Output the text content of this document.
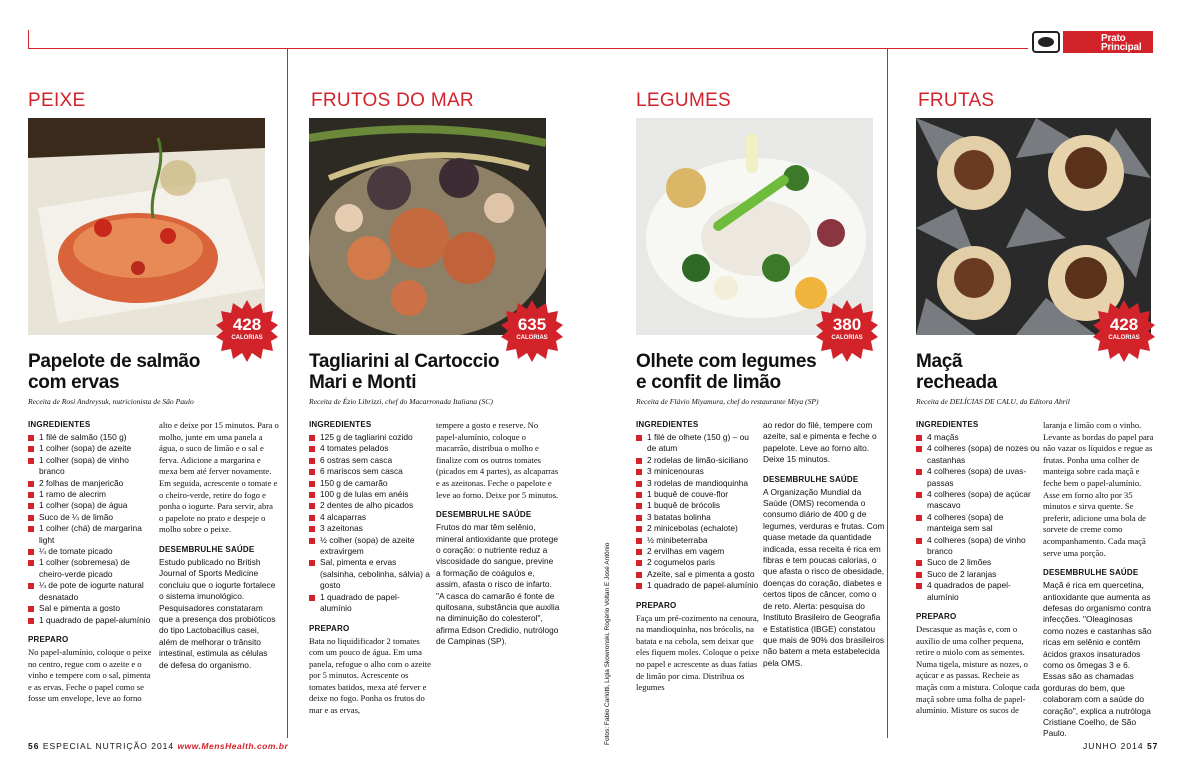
Prato
Principal
PEIXE
428
CALORIAS
Papelote de salmão
com ervas
Receita de Rosi Andreysuk, nutricionista de São Paulo
INGREDIENTES
1 filé de salmão (150 g)
1 colher (sopa) de azeite
1 colher (sopa) de vinho branco
2 folhas de manjericão
1 ramo de alecrim
1 colher (sopa) de água
Suco de ¼ de limão
1 colher (chá) de margarina light
¼ de tomate picado
1 colher (sobremesa) de cheiro-verde picado
¼ de pote de iogurte natural desnatado
Sal e pimenta a gosto
1 quadrado de papel-alumínio
PREPARO
No papel-alumínio, coloque o peixe no centro, regue com o azeite e o vinho e tempere com o sal, pimenta e as ervas. Feche o papel como se fosse um envelope, leve ao forno
alto e deixe por 15 minutos. Para o molho, junte em uma panela a água, o suco de limão e o sal e ferva. Adicione a margarina e mexa bem até ferver novamente. Em seguida, acrescente o tomate e o cheiro-verde, retire do fogo e ponha o iogurte. Para servir, abra o papelote no prato e despeje o molho sobre o peixe.
DESEMBRULHE SAÚDE
Estudo publicado no British Journal of Sports Medicine concluiu que o iogurte fortalece o sistema imunológico. Pesquisadores constataram que a presença dos probióticos do tipo Lactobacillus casei, além de melhorar o trânsito intestinal, estimula as células de defesa do organismo.
FRUTOS DO MAR
635
CALORIAS
Tagliarini al Cartoccio
Mari e Monti
Receita de Ézio Librizzi, chef do Macarronada Italiana (SC)
INGREDIENTES
125 g de tagliarini cozido
4 tomates pelados
6 ostras sem casca
6 mariscos sem casca
150 g de camarão
100 g de lulas em anéis
2 dentes de alho picados
4 alcaparras
3 azeitonas
½ colher (sopa) de azeite extravirgem
Sal, pimenta e ervas (salsinha, cebolinha, sálvia) a gosto
1 quadrado de papel- alumínio
PREPARO
Bata no liquidificador 2 tomates com um pouco de água. Em uma panela, refogue o alho com o azeite por 5 minutos. Acrescente os tomates batidos, mexa até ferver e deixe no fogo. Ponha os frutos do mar e as ervas,
tempere a gosto e reserve. No papel-alumínio, coloque o macarrão, distribua o molho e finalize com os outros tomates (picados em 4 partes), as alcaparras e as azeitonas. Feche o papelote e leve ao forno. Deixe por 5 minutos.
DESEMBRULHE SAÚDE
Frutos do mar têm selênio, mineral antioxidante que protege o coração: o nutriente reduz a viscosidade do sangue, previne a formação de coágulos e, assim, afasta o risco de infarto. "A casca do camarão é fonte de quitosana, substância que auxilia na diminuição do colesterol", afirma Edson Credidio, nutrólogo de Campinas (SP).
LEGUMES
380
CALORIAS
Olhete com legumes
e confit de limão
Receita de Flávio Miyamura, chef do restaurante Miya (SP)
INGREDIENTES
1 filé de olhete (150 g) – ou de atum
2 rodelas de limão-siciliano
3 minicenouras
3 rodelas de mandioquinha
1 buquê de couve-flor
1 buquê de brócolis
3 batatas bolinha
2 minicebolas (echalote)
½ minibeterraba
2 ervilhas em vagem
2 cogumelos paris
Azeite, sal e pimenta a gosto
1 quadrado de papel-alumínio
PREPARO
Faça um pré-cozimento na cenoura, na mandioquinha, nos brócolis, na batata e na cebola, sem deixar que eles fiquem moles. Coloque o peixe no papel e acrescente as duas fatias de limão por cima. Distribua os legumes
ao redor do filé, tempere com azeite, sal e pimenta e feche o papelote. Leve ao forno alto. Deixe 15 minutos.
DESEMBRULHE SAÚDE
A Organização Mundial da Saúde (OMS) recomenda o consumo diário de 400 g de legumes, verduras e frutas. Com quase metade da quantidade indicada, essa receita é rica em fibras e tem poucas calorias, o que afasta o risco de obesidade, doenças do coração, diabetes e certos tipos de câncer, como o de reto. Alerta: pesquisa do Instituto Brasileiro de Geografia e Estatística (IBGE) constatou que mais de 90% dos brasileiros não batem a meta estabelecida pela OMS.
FRUTAS
428
CALORIAS
Maçã
recheada
Receita de DELÍCIAS DE CALU, da Editora Abril
INGREDIENTES
4 maçãs
4 colheres (sopa) de nozes ou castanhas
4 colheres (sopa) de uvas-passas
4 colheres (sopa) de açúcar mascavo
4 colheres (sopa) de manteiga sem sal
4 colheres (sopa) de vinho branco
Suco de 2 limões
Suco de 2 laranjas
4 quadrados de papel- alumínio
PREPARO
Descasque as maçãs e, com o auxílio de uma colher pequena, retire o miolo com as sementes. Numa tigela, misture as nozes, o açúcar e as passas. Recheie as maçãs com a mistura. Coloque cada maçã sobre uma folha de papel-alumínio. Misture os sucos de
laranja e limão com o vinho. Levante as bordas do papel para não vazar os líquidos e regue as frutas. Ponha uma colher de manteiga sobre cada maçã e feche bem o papel-alumínio. Asse em forno alto por 35 minutos e sirva quente. Se preferir, adicione uma bola de sorvete de creme como acompanhamento. Cada maçã serve uma porção.
DESEMBRULHE SAÚDE
Maçã é rica em quercetina, antioxidante que aumenta as defesas do organismo contra infecções. "Oleaginosas como nozes e castanhas são ricas em selênio e contêm ácidos graxos insaturados como os ômegas 3 e 6. Essas são as chamadas gorduras do bem, que colaboram com a saúde do coração", explica a nutróloga Cristiane Coelho, de São Paulo.
Fotos: Fabio Carlotti, Ligia Skowronski, Rogério Voltan E José Antônio
56 ESPECIAL NUTRIÇÃO 2014 www.MensHealth.com.br	JUNHO 2014 57
